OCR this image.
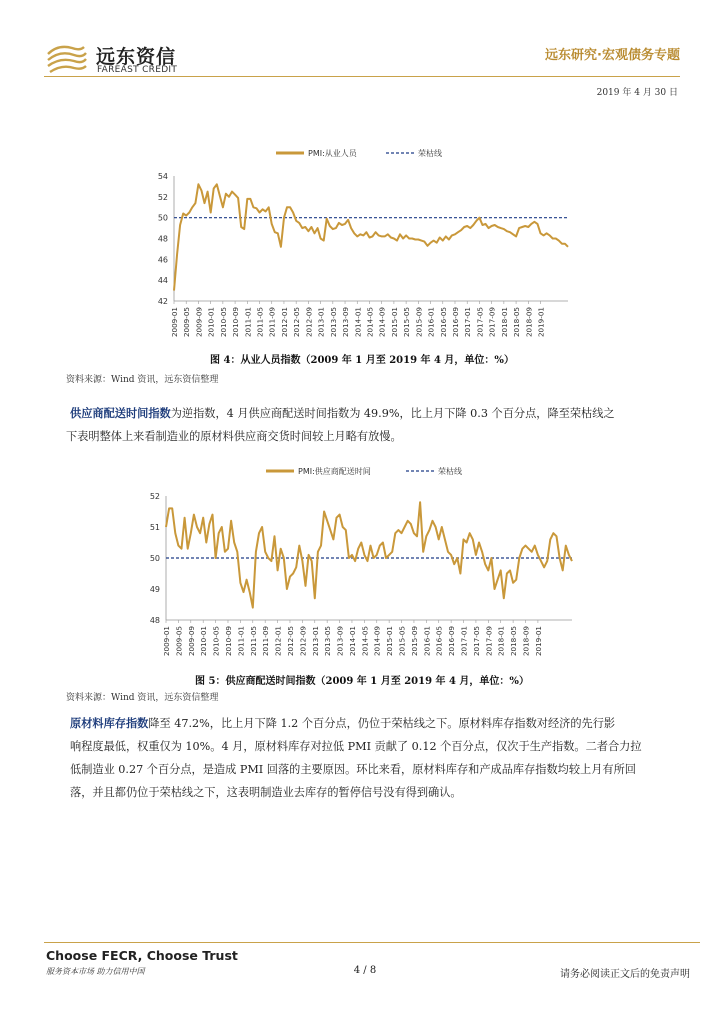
远东资信
FAREAST CREDIT
远东研究·宏观债务专题
2019 年 4 月 30 日
PMI:从业人员	荣枯线
42
44
46
48
50
52
54
2009-01 2009-05 2009-09 2010-01 2010-05 2010-09 2011-01 2011-05 2011-09 2012-01 2012-05 2012-09 2013-01 2013-05 2013-09 2014-01 2014-05 2014-09 2015-01 2015-05 2015-09 2016-01 2016-05 2016-09 2017-01 2017-05 2017-09 2018-01 2018-05 2018-09 2019-01
图 4：从业人员指数（2009 年 1 月至 2019 年 4 月，单位：%）
资料来源：Wind 资讯，远东资信整理
供应商配送时间指数为逆指数，4 月供应商配送时间指数为 49.9%，比上月下降 0.3 个百分点，降至荣枯线之
下表明整体上来看制造业的原材料供应商交货时间较上月略有放慢。
PMI:供应商配送时间	荣枯线
48
49
50
51
52
2009-01 2009-05 2009-09 2010-01 2010-05 2010-09 2011-01 2011-05 2011-09 2012-01 2012-05 2012-09 2013-01 2013-05 2013-09 2014-01 2014-05 2014-09 2015-01 2015-05 2015-09 2016-01 2016-05 2016-09 2017-01 2017-05 2017-09 2018-01 2018-05 2018-09 2019-01
图 5：供应商配送时间指数（2009 年 1 月至 2019 年 4 月，单位：%）
资料来源：Wind 资讯，远东资信整理
原材料库存指数降至 47.2%，比上月下降 1.2 个百分点，仍位于荣枯线之下。原材料库存指数对经济的先行影
响程度最低，权重仅为 10%。4 月，原材料库存对拉低 PMI 贡献了 0.12 个百分点，仅次于生产指数。二者合力拉
低制造业 0.27 个百分点，是造成 PMI 回落的主要原因。环比来看，原材料库存和产成品库存指数均较上月有所回
落，并且都仍位于荣枯线之下，这表明制造业去库存的暂停信号没有得到确认。
Choose FECR, Choose Trust
服务资本市场 助力信用中国	4 / 8	请务必阅读正文后的免责声明
